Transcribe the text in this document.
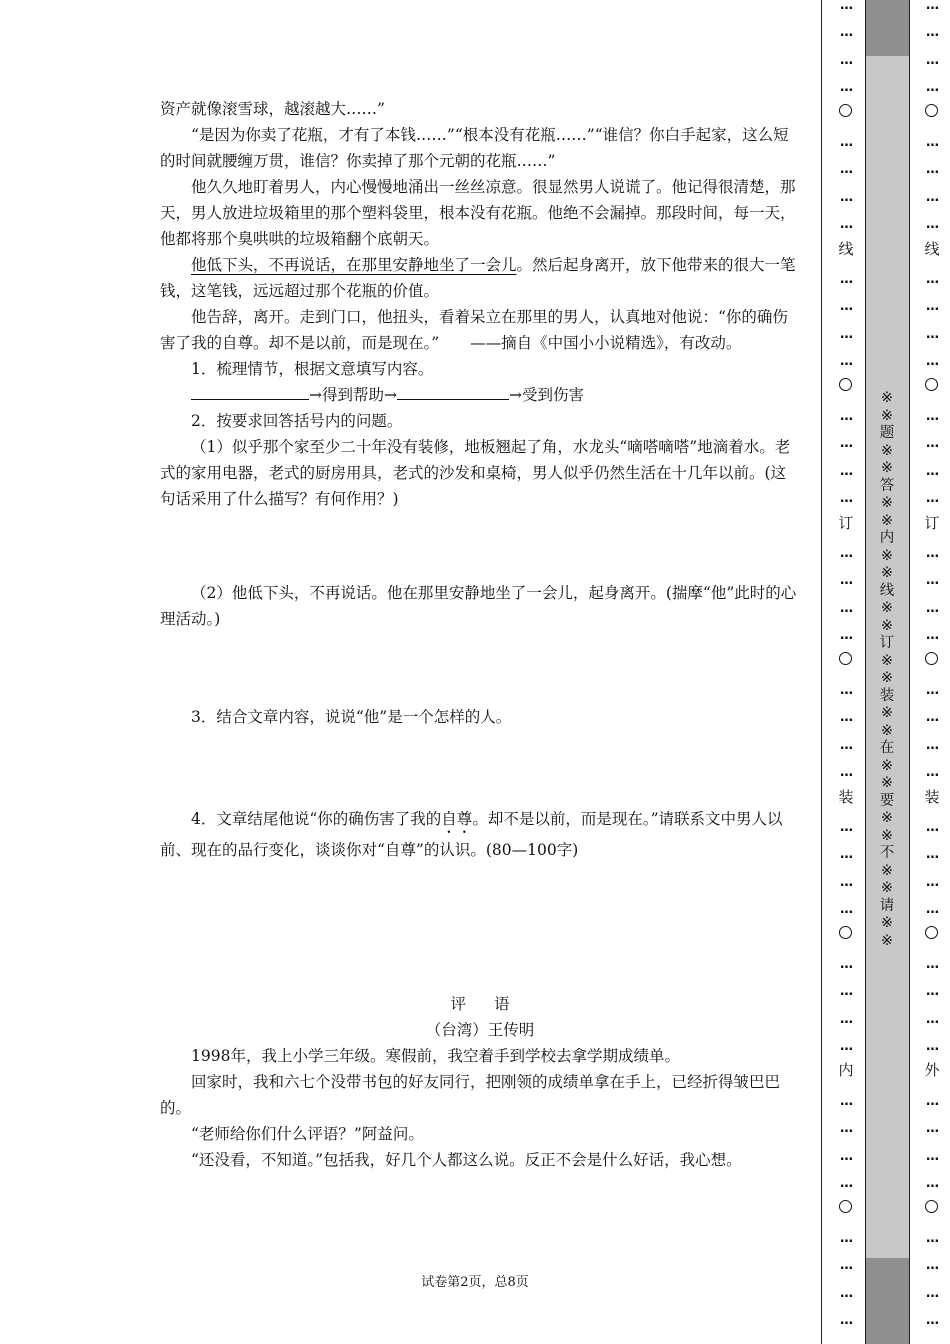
资产就像滚雪球，越滚越大……”

“是因为你卖了花瓶，才有了本钱……”“根本没有花瓶……”“谁信？你白手起家，这么短的时间就腰缠万贯，谁信？你卖掉了那个元朝的花瓶……”

他久久地盯着男人，内心慢慢地涌出一丝丝凉意。很显然男人说谎了。他记得很清楚，那天，男人放进垃圾箱里的那个塑料袋里，根本没有花瓶。他绝不会漏掉。那段时间，每一天，他都将那个臭哄哄的垃圾箱翻个底朝天。

他低下头，不再说话，在那里安静地坐了一会儿。然后起身离开，放下他带来的很大一笔钱，这笔钱，远远超过那个花瓶的价值。

他告辞，离开。走到门口，他扭头，看着呆立在那里的男人，认真地对他说：“你的确伤害了我的自尊。却不是以前，而是现在。”　　——摘自《中国小小说精选》，有改动。

1．梳理情节，根据文意填写内容。

→得到帮助→	→受到伤害

2．按要求回答括号内的问题。

（1）似乎那个家至少二十年没有装修，地板翘起了角，水龙头“嘀嗒嘀嗒”地滴着水。老式的家用电器，老式的厨房用具，老式的沙发和桌椅，男人似乎仍然生活在十几年以前。(这句话采用了什么描写？有何作用？)

（2）他低下头，不再说话。他在那里安静地坐了一会儿，起身离开。(揣摩“他”此时的心理活动。)

3．结合文章内容，说说“他”是一个怎样的人。

4．文章结尾他说“你的确伤害了我的自尊。却不是以前，而是现在。”请联系文中男人以前、现在的品行变化，谈谈你对“自尊”的认识。(80—100字)

评语

（台湾）王传明

1998年，我上小学三年级。寒假前，我空着手到学校去拿学期成绩单。

回家时，我和六七个没带书包的好友同行，把刚领的成绩单拿在手上，已经折得皱巴巴的。

“老师给你们什么评语？”阿益问。

“还没看，不知道。”包括我，好几个人都这么说。反正不会是什么好话，我心想。

试卷第2页，总8页
线
订
装
内
…
…
…
…
…
…
…
…
…
…
…
…
…
…
…
…
…
…
…
…
…
…
…
…
…
…
…
…
…
…
…
…
…
…
…
…
…
…
…
…
线
订
装
外
…
…
…
…
…
…
…
…
…
…
…
…
…
…
…
…
…
…
…
…
…
…
…
…
…
…
…
…
…
…
…
…
…
…
…
…
…
…
…
…
※※题※※答※※内※※线※※订※※装※※在※※要※※不※※请※※
